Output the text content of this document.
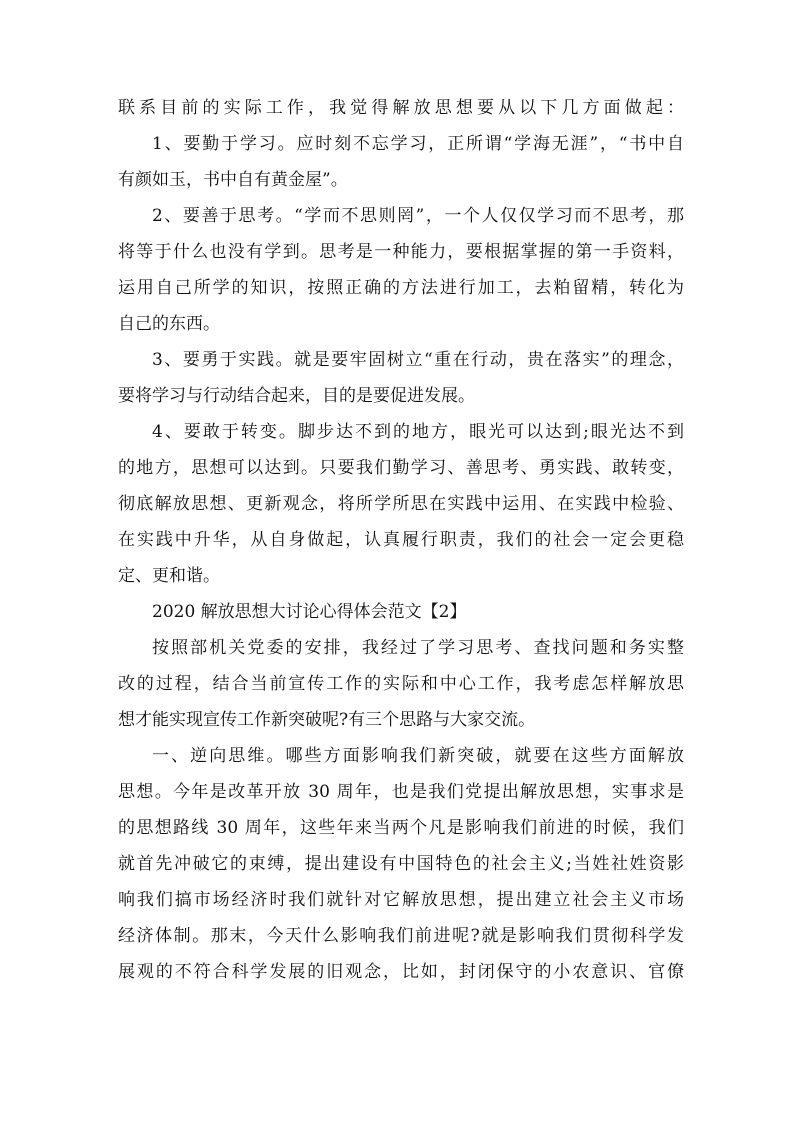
联系目前的实际工作，我觉得解放思想要从以下几方面做起：
1、要勤于学习。应时刻不忘学习，正所谓“学海无涯”，“书中自
有颜如玉，书中自有黄金屋”。
2、要善于思考。“学而不思则罔”，一个人仅仅学习而不思考，那
将等于什么也没有学到。思考是一种能力，要根据掌握的第一手资料，
运用自己所学的知识，按照正确的方法进行加工，去粕留精，转化为
自己的东西。
3、要勇于实践。就是要牢固树立“重在行动，贵在落实”的理念，
要将学习与行动结合起来，目的是要促进发展。
4、要敢于转变。脚步达不到的地方，眼光可以达到;眼光达不到
的地方，思想可以达到。只要我们勤学习、善思考、勇实践、敢转变，
彻底解放思想、更新观念，将所学所思在实践中运用、在实践中检验、
在实践中升华，从自身做起，认真履行职责，我们的社会一定会更稳
定、更和谐。
2020 解放思想大讨论心得体会范文【2】
按照部机关党委的安排，我经过了学习思考、查找问题和务实整
改的过程，结合当前宣传工作的实际和中心工作，我考虑怎样解放思
想才能实现宣传工作新突破呢?有三个思路与大家交流。
一、逆向思维。哪些方面影响我们新突破，就要在这些方面解放
思想。今年是改革开放 30 周年，也是我们党提出解放思想，实事求是
的思想路线 30 周年，这些年来当两个凡是影响我们前进的时候，我们
就首先冲破它的束缚，提出建设有中国特色的社会主义;当姓社姓资影
响我们搞市场经济时我们就针对它解放思想，提出建立社会主义市场
经济体制。那末，今天什么影响我们前进呢?就是影响我们贯彻科学发
展观的不符合科学发展的旧观念，比如，封闭保守的小农意识、官僚
